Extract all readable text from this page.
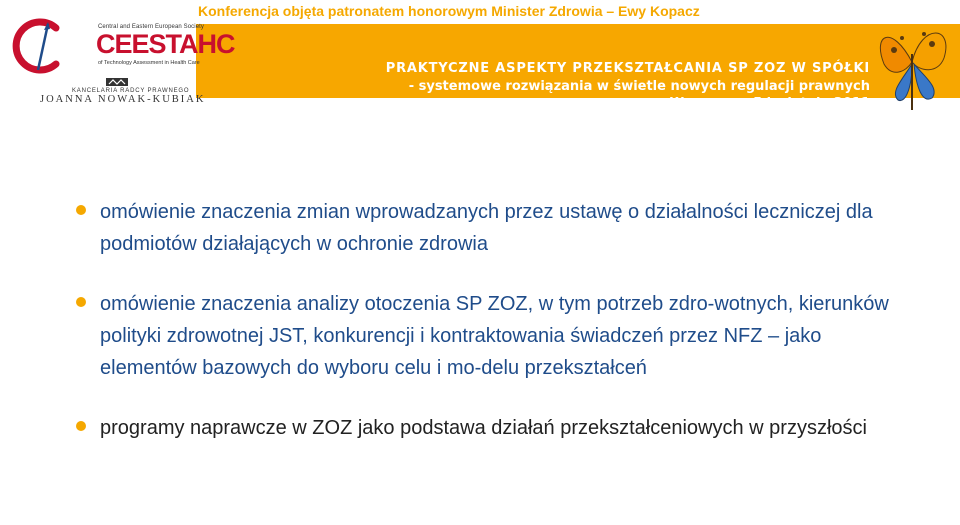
Konferencja objęta patronatem honorowym Minister Zdrowia – Ewy Kopacz
PRAKTYCZNE ASPEKTY PRZEKSZTAŁCANIA SP ZOZ W SPÓŁKI
- systemowe rozwiązania w świetle nowych regulacji prawnych
Warszawa, 5 kwietnia 2011
Central and Eastern European Society
CEESTAHC
of Technology Assessment in Health Care
KANCELARIA RADCY PRAWNEGO
JOANNA NOWAK-KUBIAK
omówienie znaczenia zmian wprowadzanych przez ustawę o działalności leczniczej dla podmiotów działających w ochronie zdrowia
omówienie znaczenia analizy otoczenia SP ZOZ, w tym potrzeb zdro-wotnych, kierunków polityki zdrowotnej JST, konkurencji i kontraktowania świadczeń przez NFZ – jako elementów bazowych do wyboru celu i mo-delu przekształceń
programy naprawcze w ZOZ jako podstawa działań przekształceniowych w przyszłości
